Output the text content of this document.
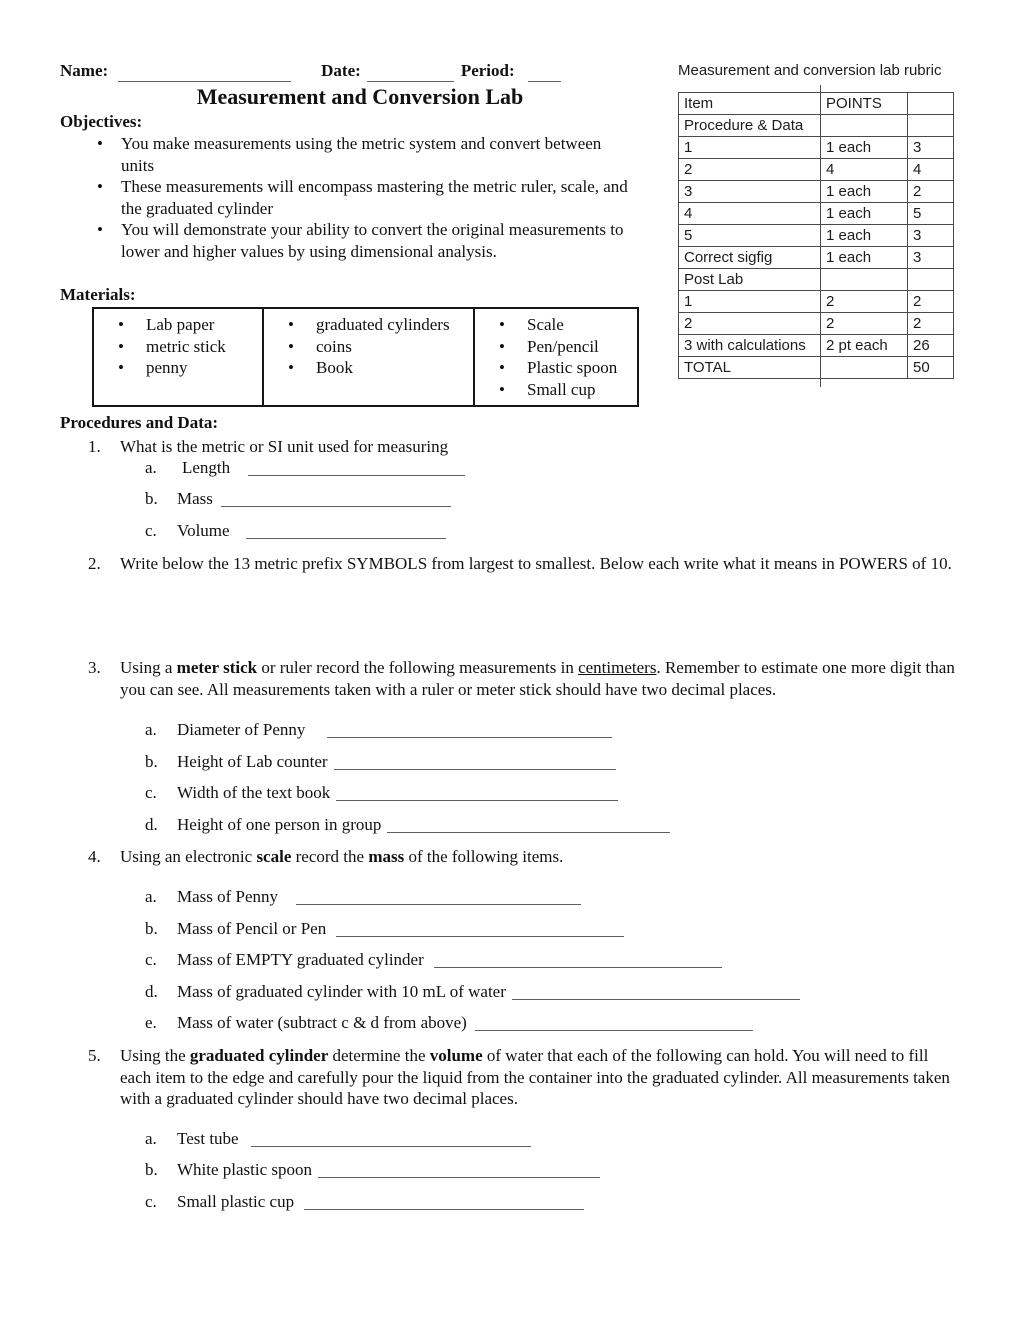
Name:	Date:	Period:
Measurement and Conversion Lab
Objectives:
•
You make measurements using the metric system and convert between units
•
These measurements will encompass mastering the metric ruler, scale, and the graduated cylinder
•
You will demonstrate your ability to convert the original measurements to lower and higher values by using dimensional analysis.
Materials:
•
Lab paper
•
metric stick
•
penny

•
graduated cylinders
•
coins
•
Book

•
Scale
•
Pen/pencil
•
Plastic spoon
•
Small cup
Procedures and Data:
1.	What is the metric or SI unit used for measuring
a.	Length
b.	Mass
c.	Volume
2.	Write below the 13 metric prefix SYMBOLS from largest to smallest. Below each write what it means in POWERS of 10.
3.	Using a meter stick or ruler record the following measurements in centimeters. Remember to estimate one more digit than you can see. All measurements taken with a ruler or meter stick should have two decimal places.
a.	Diameter of Penny
b.	Height of Lab counter
c.	Width of the text book
d.	Height of one person in group
4.	Using an electronic scale record the mass of the following items.
a.	Mass of Penny
b.	Mass of Pencil or Pen
c.	Mass of EMPTY graduated cylinder
d.	Mass of graduated cylinder with 10 mL of water
e.	Mass of water (subtract c & d from above)
5.	Using the graduated cylinder determine the volume of water that each of the following can hold. You will need to fill each item to the edge and carefully pour the liquid from the container into the graduated cylinder. All measurements taken with a graduated cylinder should have two decimal places.
a.	Test tube
b.	White plastic spoon
c.	Small plastic cup
Measurement and conversion lab rubric
Item	POINTS	
Procedure & Data		
1	1 each	3
2	4	4
3	1 each	2
4	1 each	5
5	1 each	3
Correct sigfig	1 each	3
Post Lab		
1	2	2
2	2	2
3 with calculations	2 pt each	26
TOTAL		50
